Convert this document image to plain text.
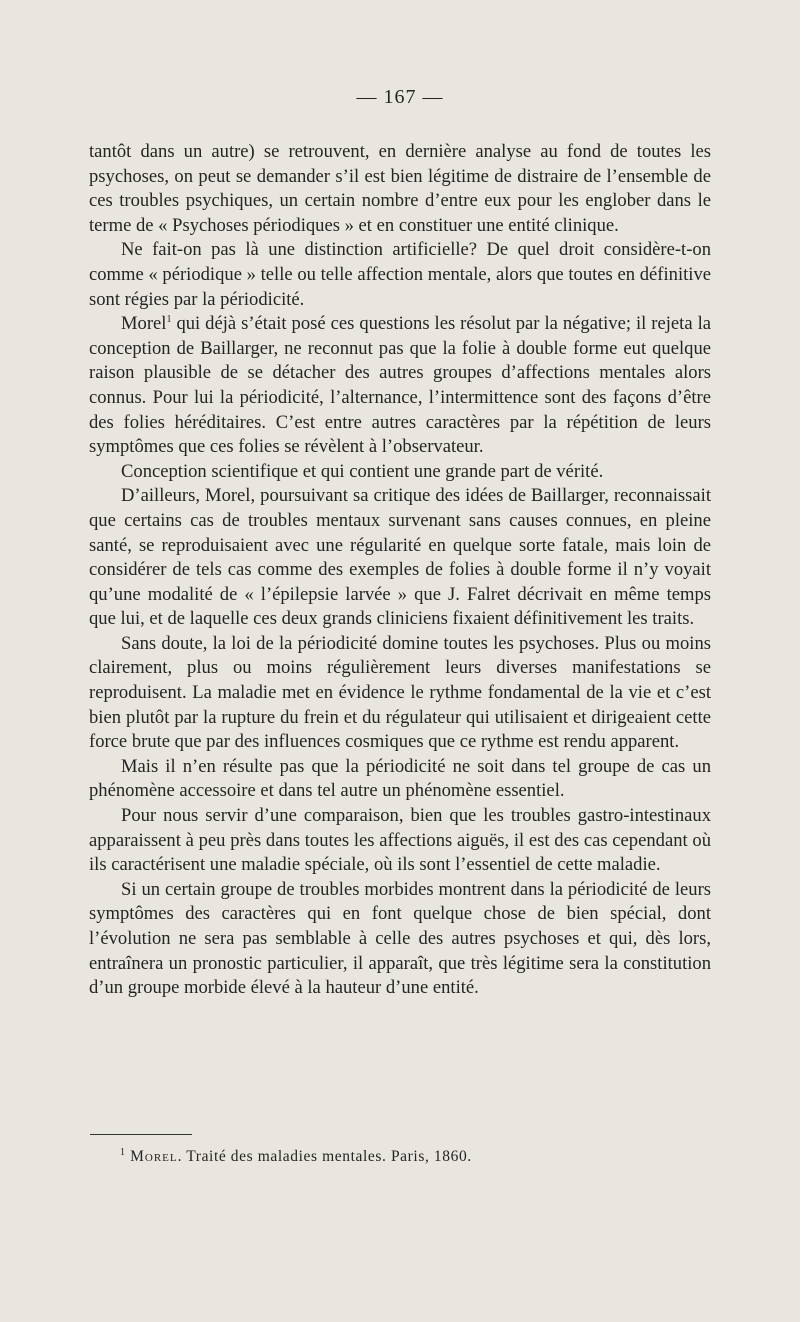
— 167 —

tantôt dans un autre) se retrouvent, en dernière analyse au fond de toutes les psychoses, on peut se demander s’il est bien légitime de distraire de l’ensemble de ces troubles psychiques, un certain nombre d’entre eux pour les englober dans le terme de « Psychoses périodiques » et en constituer une entité clinique.

Ne fait-on pas là une distinction artificielle? De quel droit considère-t-on comme « périodique » telle ou telle affection mentale, alors que toutes en définitive sont régies par la périodicité.

Morel$^1$ qui déjà s’était posé ces questions les résolut par la négative; il rejeta la conception de Baillarger, ne reconnut pas que la folie à double forme eut quelque raison plausible de se détacher des autres groupes d’affections mentales alors connus. Pour lui la périodicité, l’alternance, l’intermittence sont des façons d’être des folies héréditaires. C’est entre autres caractères par la répétition de leurs symptômes que ces folies se révèlent à l’observateur.

Conception scientifique et qui contient une grande part de vérité.

D’ailleurs, Morel, poursuivant sa critique des idées de Baillarger, reconnaissait que certains cas de troubles mentaux survenant sans causes connues, en pleine santé, se reproduisaient avec une régularité en quelque sorte fatale, mais loin de considérer de tels cas comme des exemples de folies à double forme il n’y voyait qu’une modalité de « l’épilepsie larvée » que J. Falret décrivait en même temps que lui, et de laquelle ces deux grands cliniciens fixaient définitivement les traits.

Sans doute, la loi de la périodicité domine toutes les psychoses. Plus ou moins clairement, plus ou moins régulièrement leurs diverses manifestations se reproduisent. La maladie met en évidence le rythme fondamental de la vie et c’est bien plutôt par la rupture du frein et du régulateur qui utilisaient et dirigeaient cette force brute que par des influences cosmiques que ce rythme est rendu apparent.

Mais il n’en résulte pas que la périodicité ne soit dans tel groupe de cas un phénomène accessoire et dans tel autre un phénomène essentiel.

Pour nous servir d’une comparaison, bien que les troubles gastro-intestinaux apparaissent à peu près dans toutes les affections aiguës, il est des cas cependant où ils caractérisent une maladie spéciale, où ils sont l’essentiel de cette maladie.

Si un certain groupe de troubles morbides montrent dans la périodicité de leurs symptômes des caractères qui en font quelque chose de bien spécial, dont l’évolution ne sera pas semblable à celle des autres psychoses et qui, dès lors, entraînera un pronostic particulier, il apparaît, que très légitime sera la constitution d’un groupe morbide élevé à la hauteur d’une entité.

$^1$ Morel. Traité des maladies mentales. Paris, 1860.
